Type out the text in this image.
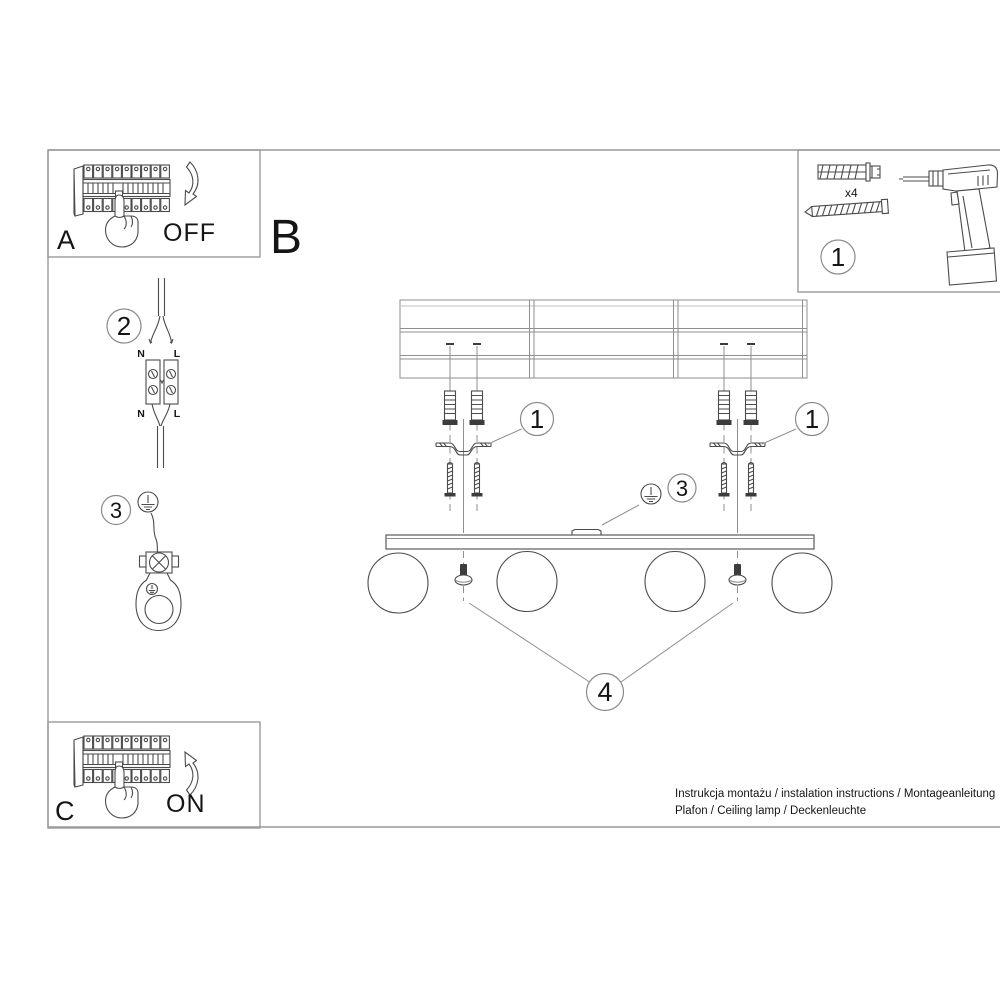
A	OFF B
x4
1
1	1
2
N	L
N	L
3
3
4
C	ON	Instrukcja montażu / instalation instructions / Montageanleitung
Plafon / Ceiling lamp / Deckenleuchte
